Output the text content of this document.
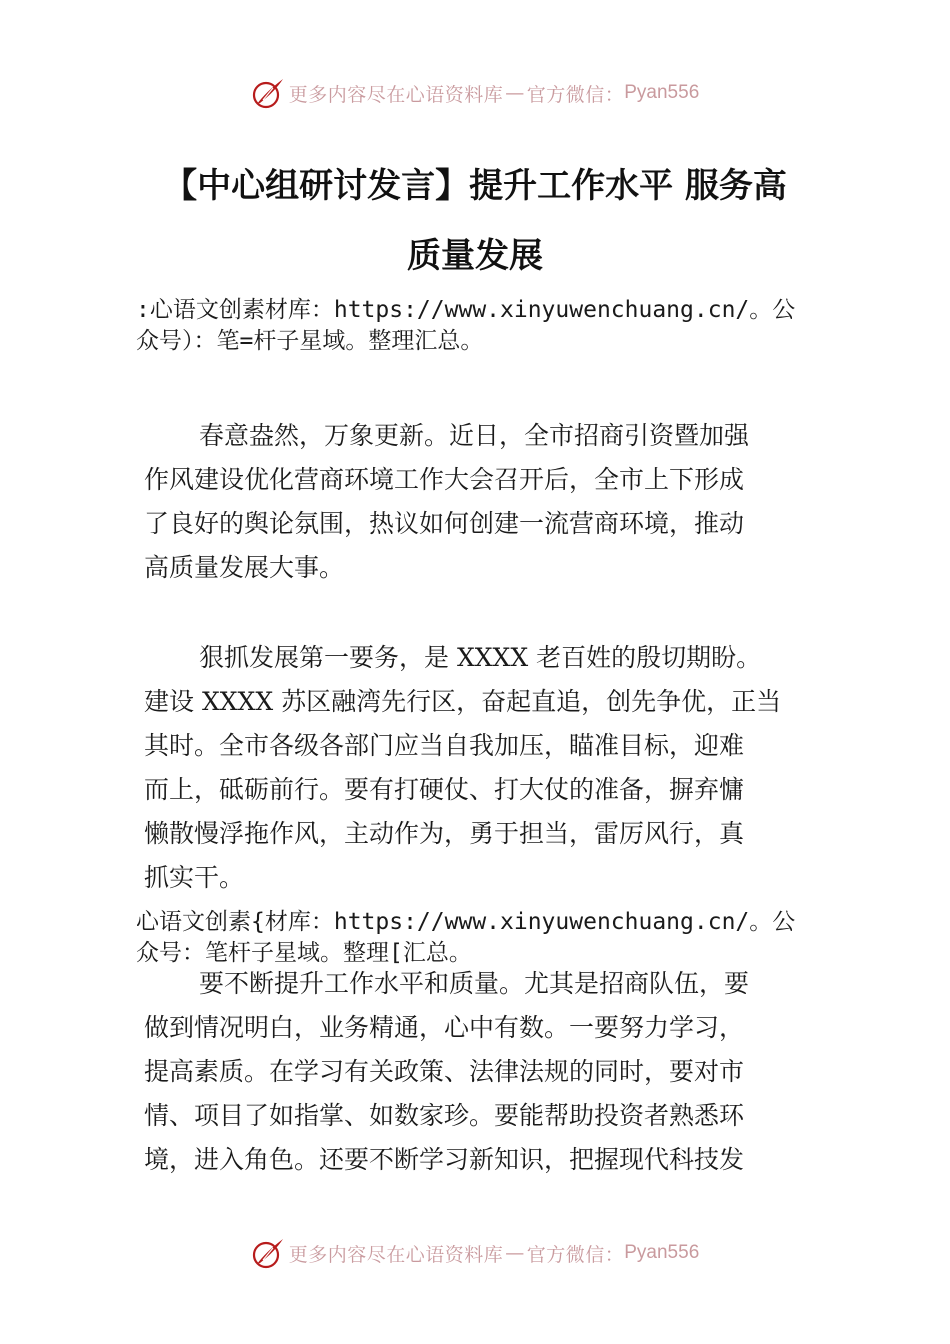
更多内容尽在心语资料库 — 官方微信： Pyan556
【中心组研讨发言】提升工作水平 服务高
质量发展
:心语文创素材库：https://www.xinyuwenchuang.cn/。公
众号）：笔=杆子星域。整理汇总。
春意盎然，万象更新。近日，全市招商引资暨加强
作风建设优化营商环境工作大会召开后，全市上下形成
了良好的舆论氛围，热议如何创建一流营商环境，推动
高质量发展大事。
狠抓发展第一要务，是 XXXX 老百姓的殷切期盼。
建设 XXXX 苏区融湾先行区，奋起直追，创先争优，正当
其时。全市各级各部门应当自我加压，瞄准目标，迎难
而上，砥砺前行。要有打硬仗、打大仗的准备，摒弃慵
懒散慢浮拖作风，主动作为，勇于担当，雷厉风行，真
抓实干。
心语文创素{材库：https://www.xinyuwenchuang.cn/。公
众号：笔杆子星域。整理[汇总。
要不断提升工作水平和质量。尤其是招商队伍，要
做到情况明白，业务精通，心中有数。一要努力学习，
提高素质。在学习有关政策、法律法规的同时，要对市
情、项目了如指掌、如数家珍。要能帮助投资者熟悉环
境，进入角色。还要不断学习新知识，把握现代科技发
更多内容尽在心语资料库 — 官方微信： Pyan556
